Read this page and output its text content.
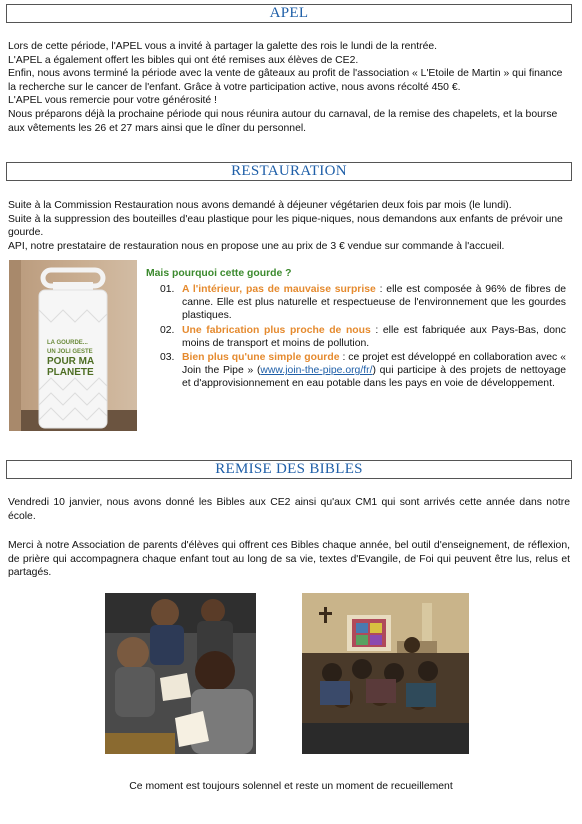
APEL
Lors de cette période, l'APEL vous a invité à partager la galette des rois le lundi de la rentrée.
L'APEL a également offert les bibles qui ont été remises aux élèves de CE2.
Enfin, nous avons terminé la période avec la vente de gâteaux au profit de l'association « L'Etoile de Martin » qui finance la recherche sur le cancer de l'enfant. Grâce à votre participation active, nous avons récolté 450 €.
L'APEL vous remercie pour votre générosité !
Nous préparons déjà la prochaine période qui nous réunira autour du carnaval, de la remise des chapelets, et la bourse aux vêtements les 26 et 27 mars ainsi que le dîner du personnel.
RESTAURATION
Suite à la Commission Restauration nous avons demandé à déjeuner végétarien deux fois par mois (le lundi).
Suite à la suppression des bouteilles d'eau plastique pour les pique-niques, nous demandons aux enfants de prévoir une gourde.
API, notre prestataire de restauration nous en propose une au prix de 3 € vendue sur commande à l'accueil.
LA GOURDE...
UN JOLI GESTE
POUR MA
PLANETE
Mais pourquoi cette gourde ?
01. A l'intérieur, pas de mauvaise surprise : elle est composée à 96% de fibres de canne. Elle est plus naturelle et respectueuse de l'environnement que les gourdes plastiques.
02. Une fabrication plus proche de nous : elle est fabriquée aux Pays-Bas, donc moins de transport et moins de pollution.
03. Bien plus qu'une simple gourde : ce projet est développé en collaboration avec « Join the Pipe » (www.join-the-pipe.org/fr/) qui participe à des projets de nettoyage et d'approvisionnement en eau potable dans les pays en voie de développement.
REMISE DES BIBLES
Vendredi 10 janvier, nous avons donné les Bibles aux CE2 ainsi qu'aux CM1 qui sont arrivés cette année dans notre école.
Merci à notre Association de parents d'élèves qui offrent ces Bibles chaque année, bel outil d'enseignement, de réflexion, de prière qui accompagnera chaque enfant tout au long de sa vie, textes d'Evangile, de Foi qui peuvent être lus, relus et partagés.
Ce moment est toujours solennel et reste un moment de recueillement
